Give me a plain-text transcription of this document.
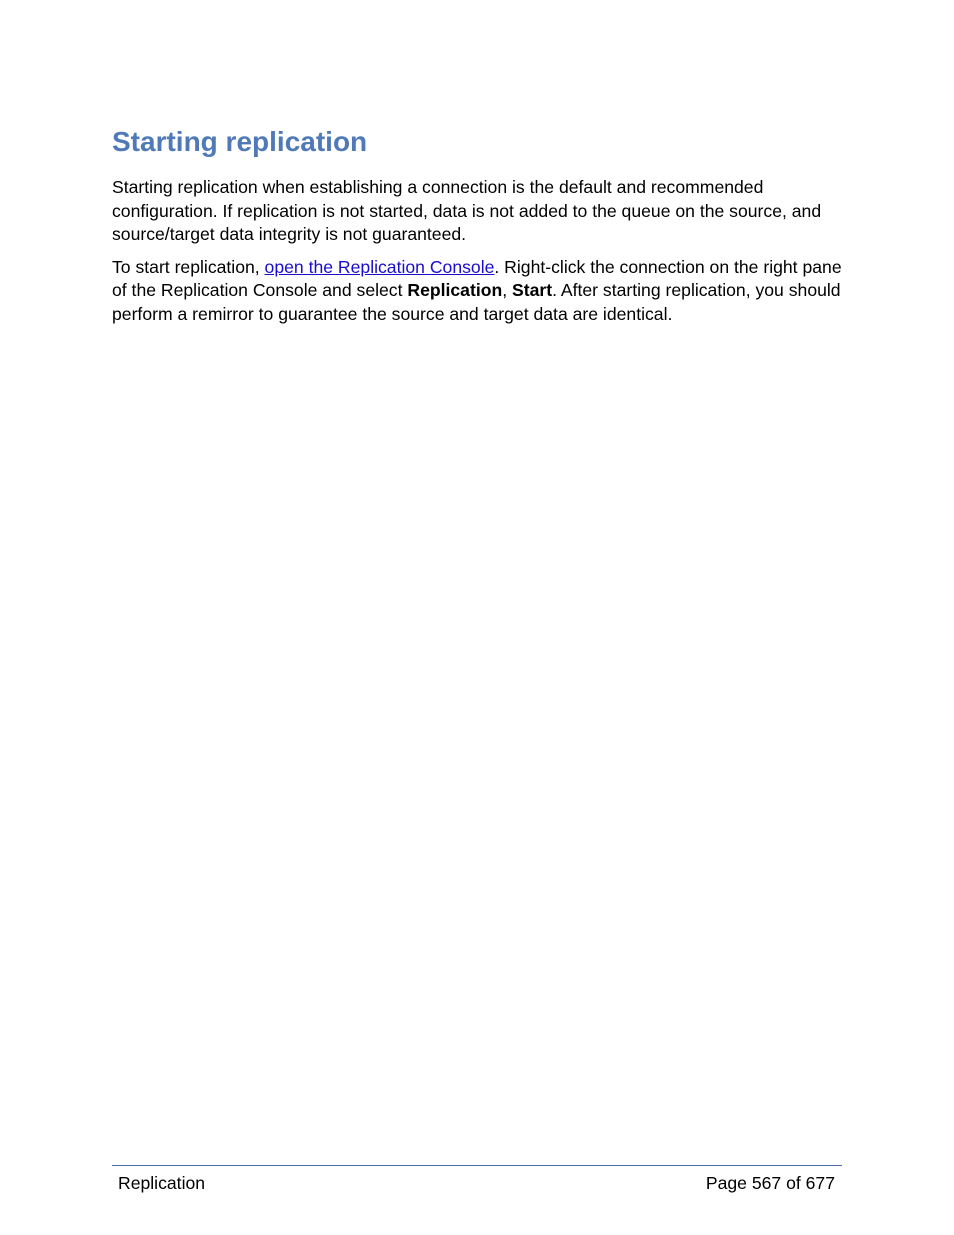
Starting replication

Starting replication when establishing a connection is the default and recommended configuration. If replication is not started, data is not added to the queue on the source, and source/target data integrity is not guaranteed.

To start replication, open the Replication Console. Right-click the connection on the right pane of the Replication Console and select Replication, Start. After starting replication, you should perform a remirror to guarantee the source and target data are identical.

Replication	Page 567 of 677
